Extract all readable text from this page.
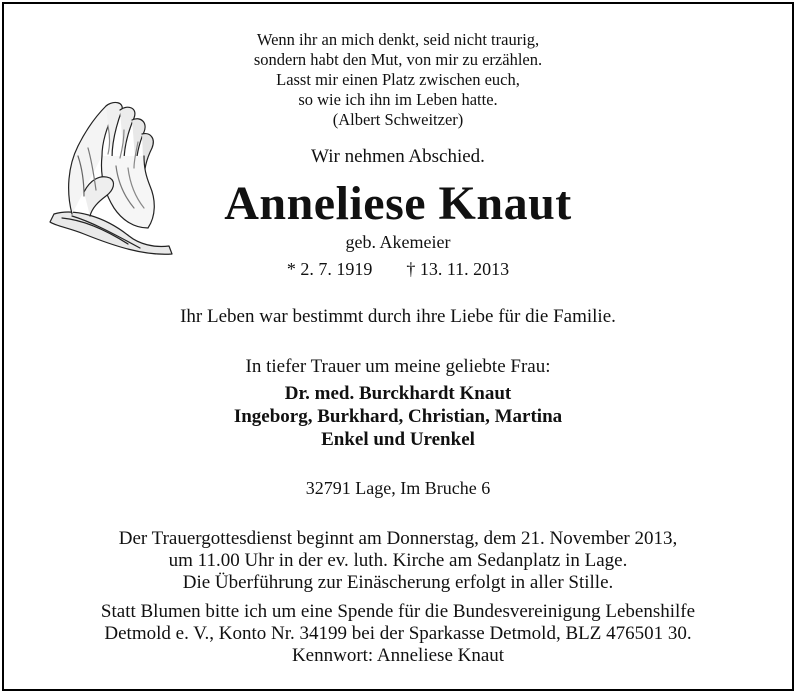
Wenn ihr an mich denkt, seid nicht traurig,
sondern habt den Mut, von mir zu erzählen.
Lasst mir einen Platz zwischen euch,
so wie ich ihn im Leben hatte.
(Albert Schweitzer)
Wir nehmen Abschied.
Anneliese Knaut
geb. Akemeier
* 2. 7. 1919 † 13. 11. 2013
Ihr Leben war bestimmt durch ihre Liebe für die Familie.
In tiefer Trauer um meine geliebte Frau:
Dr. med. Burckhardt Knaut
Ingeborg, Burkhard, Christian, Martina
Enkel und Urenkel
32791 Lage, Im Bruche 6
Der Trauergottesdienst beginnt am Donnerstag, dem 21. November 2013,
um 11.00 Uhr in der ev. luth. Kirche am Sedanplatz in Lage.
Die Überführung zur Einäscherung erfolgt in aller Stille.
Statt Blumen bitte ich um eine Spende für die Bundesvereinigung Lebenshilfe
Detmold e. V., Konto Nr. 34199 bei der Sparkasse Detmold, BLZ 476501 30.
Kennwort: Anneliese Knaut
